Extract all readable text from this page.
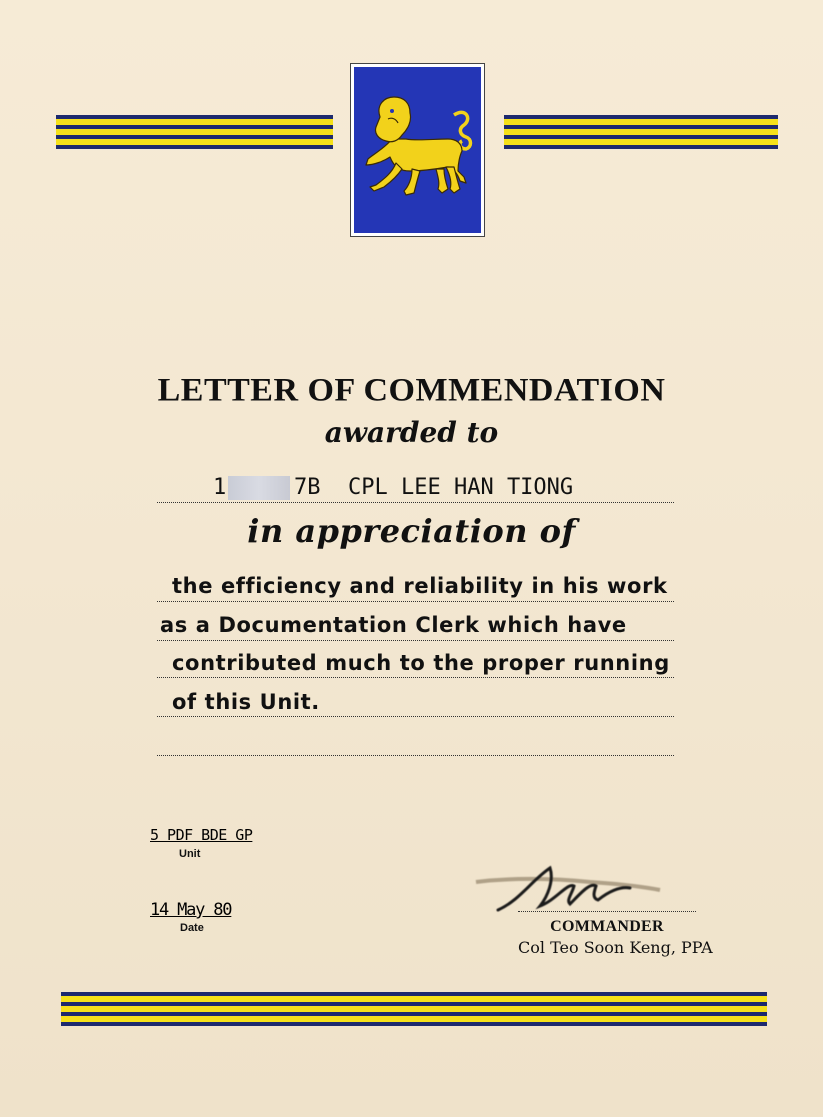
LETTER OF COMMENDATION
awarded to
1	7B CPL LEE HAN TIONG
in appreciation of
the efficiency and reliability in his work
as a Documentation Clerk which have
contributed much to the proper running
of this Unit.
5 PDF BDE GP
Unit
14 May 80
Date	COMMANDER
Col Teo Soon Keng, PPA
